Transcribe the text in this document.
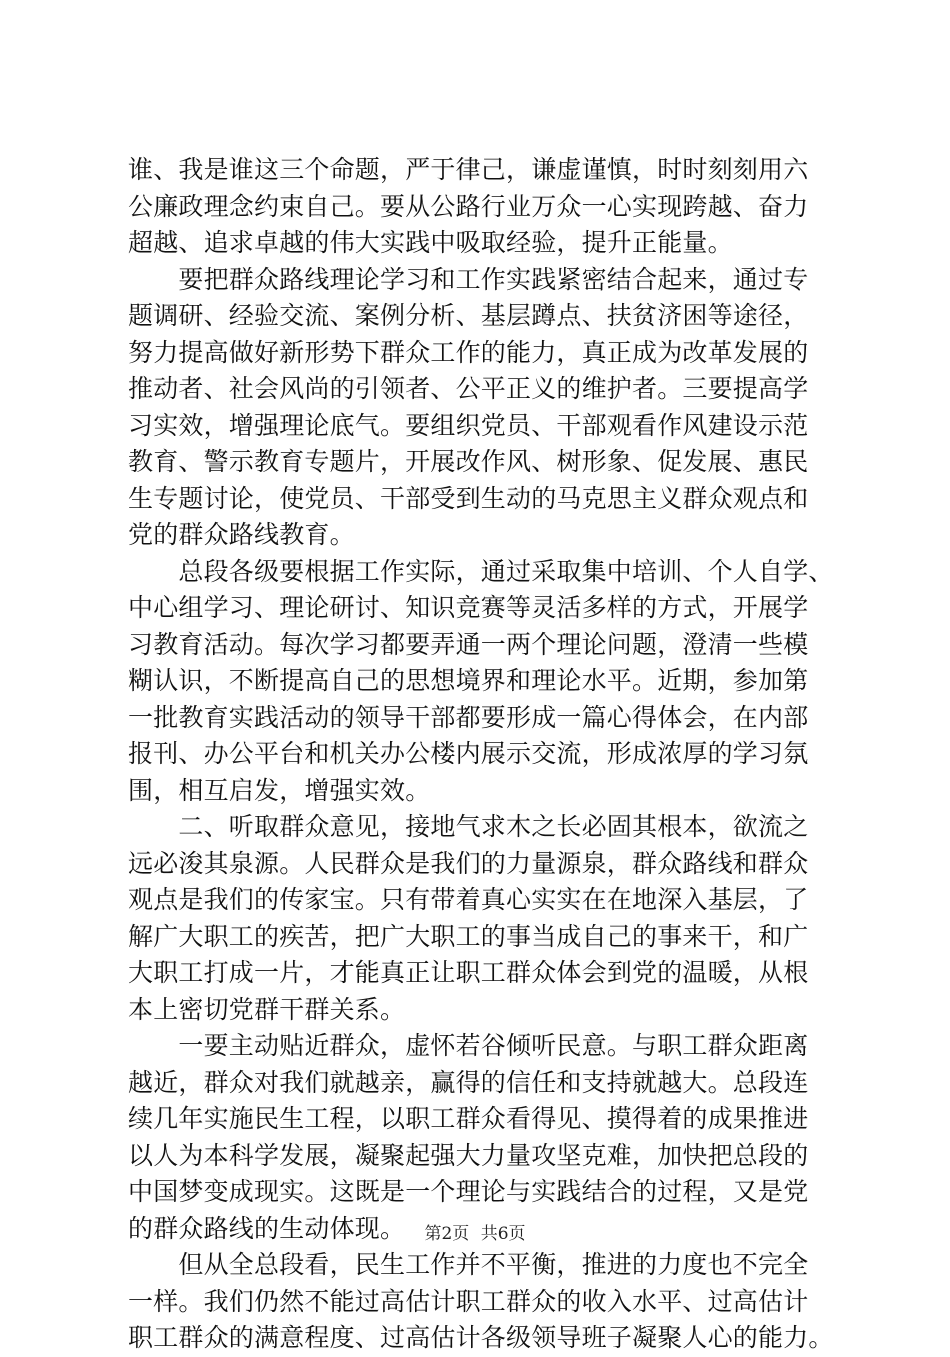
谁、我是谁这三个命题，严于律己，谦虚谨慎，时时刻刻用六
公廉政理念约束自己。要从公路行业万众一心实现跨越、奋力
超越、追求卓越的伟大实践中吸取经验，提升正能量。
　　要把群众路线理论学习和工作实践紧密结合起来，通过专
题调研、经验交流、案例分析、基层蹲点、扶贫济困等途径，
努力提高做好新形势下群众工作的能力，真正成为改革发展的
推动者、社会风尚的引领者、公平正义的维护者。三要提高学
习实效，增强理论底气。要组织党员、干部观看作风建设示范
教育、警示教育专题片，开展改作风、树形象、促发展、惠民
生专题讨论，使党员、干部受到生动的马克思主义群众观点和
党的群众路线教育。
　　总段各级要根据工作实际，通过采取集中培训、个人自学、
中心组学习、理论研讨、知识竞赛等灵活多样的方式，开展学
习教育活动。每次学习都要弄通一两个理论问题，澄清一些模
糊认识，不断提高自己的思想境界和理论水平。近期，参加第
一批教育实践活动的领导干部都要形成一篇心得体会，在内部
报刊、办公平台和机关办公楼内展示交流，形成浓厚的学习氛
围，相互启发，增强实效。
　　二、听取群众意见，接地气求木之长必固其根本，欲流之
远必浚其泉源。人民群众是我们的力量源泉，群众路线和群众
观点是我们的传家宝。只有带着真心实实在在地深入基层，了
解广大职工的疾苦，把广大职工的事当成自己的事来干，和广
大职工打成一片，才能真正让职工群众体会到党的温暖，从根
本上密切党群干群关系。
　　一要主动贴近群众，虚怀若谷倾听民意。与职工群众距离
越近，群众对我们就越亲，赢得的信任和支持就越大。总段连
续几年实施民生工程，以职工群众看得见、摸得着的成果推进
以人为本科学发展，凝聚起强大力量攻坚克难，加快把总段的
中国梦变成现实。这既是一个理论与实践结合的过程，又是党
的群众路线的生动体现。
　　但从全总段看，民生工作并不平衡，推进的力度也不完全
一样。我们仍然不能过高估计职工群众的收入水平、过高估计
职工群众的满意程度、过高估计各级领导班子凝聚人心的能力。
第2页 共6页
